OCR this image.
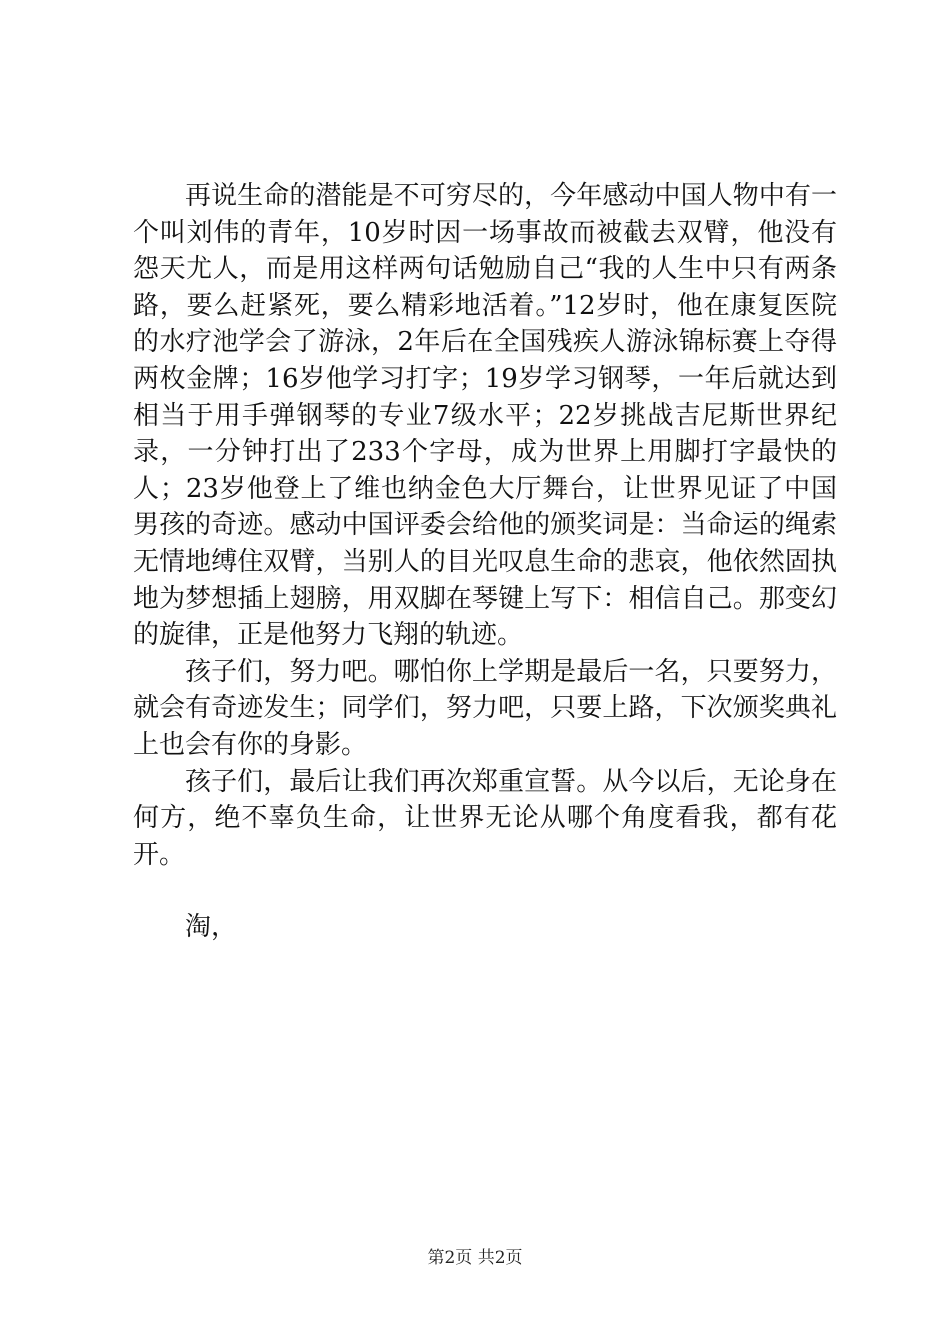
再说生命的潜能是不可穷尽的，今年感动中国人物中有一个叫刘伟的青年，10岁时因一场事故而被截去双臂，他没有怨天尤人，而是用这样两句话勉励自己“我的人生中只有两条路，要么赶紧死，要么精彩地活着。”12岁时，他在康复医院的水疗池学会了游泳，2年后在全国残疾人游泳锦标赛上夺得两枚金牌；16岁他学习打字；19岁学习钢琴，一年后就达到相当于用手弹钢琴的专业7级水平；22岁挑战吉尼斯世界纪录，一分钟打出了233个字母，成为世界上用脚打字最快的人；23岁他登上了维也纳金色大厅舞台，让世界见证了中国男孩的奇迹。感动中国评委会给他的颁奖词是：当命运的绳索无情地缚住双臂，当别人的目光叹息生命的悲哀，他依然固执地为梦想插上翅膀，用双脚在琴键上写下：相信自己。那变幻的旋律，正是他努力飞翔的轨迹。

孩子们，努力吧。哪怕你上学期是最后一名，只要努力，就会有奇迹发生；同学们，努力吧，只要上路，下次颁奖典礼上也会有你的身影。

孩子们，最后让我们再次郑重宣誓。从今以后，无论身在何方，绝不辜负生命，让世界无论从哪个角度看我，都有花开。

淘，

第2页 共2页
